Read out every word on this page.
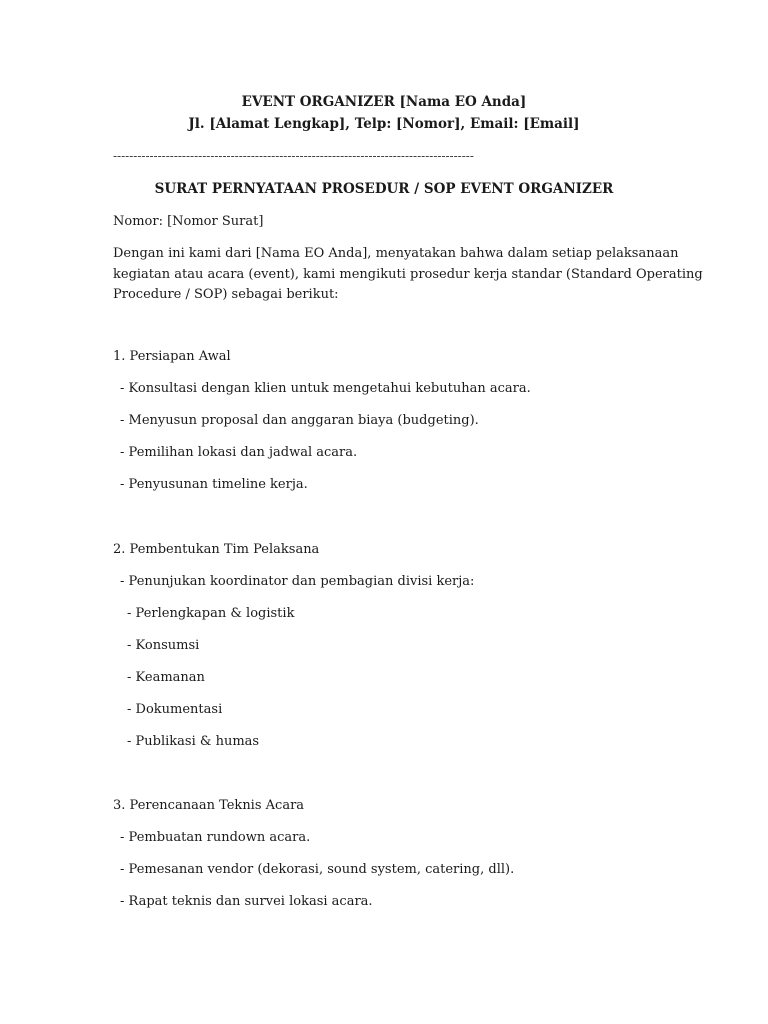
EVENT ORGANIZER [Nama EO Anda]
Jl. [Alamat Lengkap], Telp: [Nomor], Email: [Email]
-----------------------------------------------------------------------------------------
SURAT PERNYATAAN PROSEDUR / SOP EVENT ORGANIZER
Nomor: [Nomor Surat]
Dengan ini kami dari [Nama EO Anda], menyatakan bahwa dalam setiap pelaksanaan
kegiatan atau acara (event), kami mengikuti prosedur kerja standar (Standard Operating
Procedure / SOP) sebagai berikut:
1. Persiapan Awal
- Konsultasi dengan klien untuk mengetahui kebutuhan acara.
- Menyusun proposal dan anggaran biaya (budgeting).
- Pemilihan lokasi dan jadwal acara.
- Penyusunan timeline kerja.
2. Pembentukan Tim Pelaksana
- Penunjukan koordinator dan pembagian divisi kerja:
- Perlengkapan & logistik
- Konsumsi
- Keamanan
- Dokumentasi
- Publikasi & humas
3. Perencanaan Teknis Acara
- Pembuatan rundown acara.
- Pemesanan vendor (dekorasi, sound system, catering, dll).
- Rapat teknis dan survei lokasi acara.
